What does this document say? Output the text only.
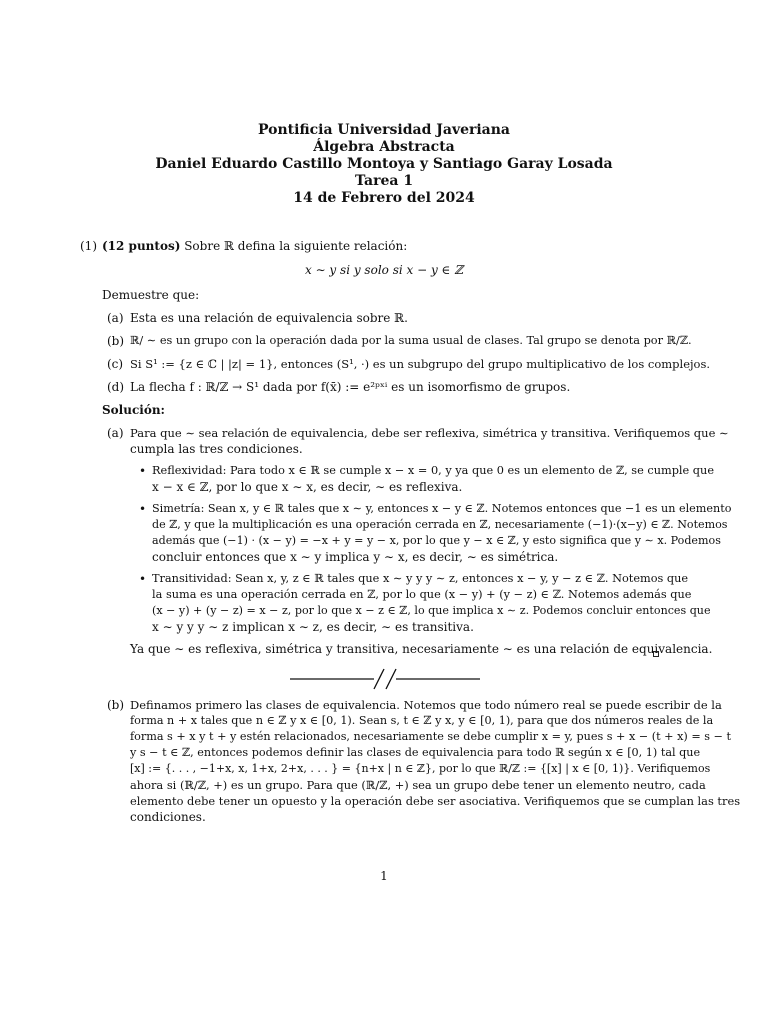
Pontificia Universidad Javeriana
Álgebra Abstracta
Daniel Eduardo Castillo Montoya y Santiago Garay Losada
Tarea 1
14 de Febrero del 2024
(1) (12 puntos) Sobre ℝ defina la siguiente relación:
x ∼ y si y solo si x − y ∈ ℤ
Demuestre que:
(a) Esta es una relación de equivalencia sobre ℝ.
(b) ℝ/ ∼ es un grupo con la operación dada por la suma usual de clases. Tal grupo se denota por ℝ/ℤ.
(c) Si S¹ := {z ∈ ℂ | |z| = 1}, entonces (S¹, ·) es un subgrupo del grupo multiplicativo de los complejos.
(d) La flecha f : ℝ/ℤ → S¹ dada por f(x̄) := e²ᵖˣⁱ es un isomorfismo de grupos.
Solución:
(a) Para que ∼ sea relación de equivalencia, debe ser reflexiva, simétrica y transitiva. Verifiquemos que ∼
cumpla las tres condiciones.
• Reflexividad: Para todo x ∈ ℝ se cumple x − x = 0, y ya que 0 es un elemento de ℤ, se cumple que
x − x ∈ ℤ, por lo que x ∼ x, es decir, ∼ es reflexiva.
• Simetría: Sean x, y ∈ ℝ tales que x ∼ y, entonces x − y ∈ ℤ. Notemos entonces que −1 es un elemento
de ℤ, y que la multiplicación es una operación cerrada en ℤ, necesariamente (−1)·(x−y) ∈ ℤ. Notemos
además que (−1) · (x − y) = −x + y = y − x, por lo que y − x ∈ ℤ, y esto significa que y ∼ x. Podemos
concluir entonces que x ∼ y implica y ∼ x, es decir, ∼ es simétrica.
• Transitividad: Sean x, y, z ∈ ℝ tales que x ∼ y y y ∼ z, entonces x − y, y − z ∈ ℤ. Notemos que
la suma es una operación cerrada en ℤ, por lo que (x − y) + (y − z) ∈ ℤ. Notemos además que
(x − y) + (y − z) = x − z, por lo que x − z ∈ ℤ, lo que implica x ∼ z. Podemos concluir entonces que
x ∼ y y y ∼ z implican x ∼ z, es decir, ∼ es transitiva.
Ya que ∼ es reflexiva, simétrica y transitiva, necesariamente ∼ es una relación de equivalencia.
(b) Definamos primero las clases de equivalencia. Notemos que todo número real se puede escribir de la
forma n + x tales que n ∈ ℤ y x ∈ [0, 1). Sean s, t ∈ ℤ y x, y ∈ [0, 1), para que dos números reales de la
forma s + x y t + y estén relacionados, necesariamente se debe cumplir x = y, pues s + x − (t + x) = s − t
y s − t ∈ ℤ, entonces podemos definir las clases de equivalencia para todo ℝ según x ∈ [0, 1) tal que
[x] := {. . . , −1+x, x, 1+x, 2+x, . . . } = {n+x | n ∈ ℤ}, por lo que ℝ/ℤ := {[x] | x ∈ [0, 1)}. Verifiquemos
ahora si (ℝ/ℤ, +) es un grupo. Para que (ℝ/ℤ, +) sea un grupo debe tener un elemento neutro, cada
elemento debe tener un opuesto y la operación debe ser asociativa. Verifiquemos que se cumplan las tres
condiciones.
1
